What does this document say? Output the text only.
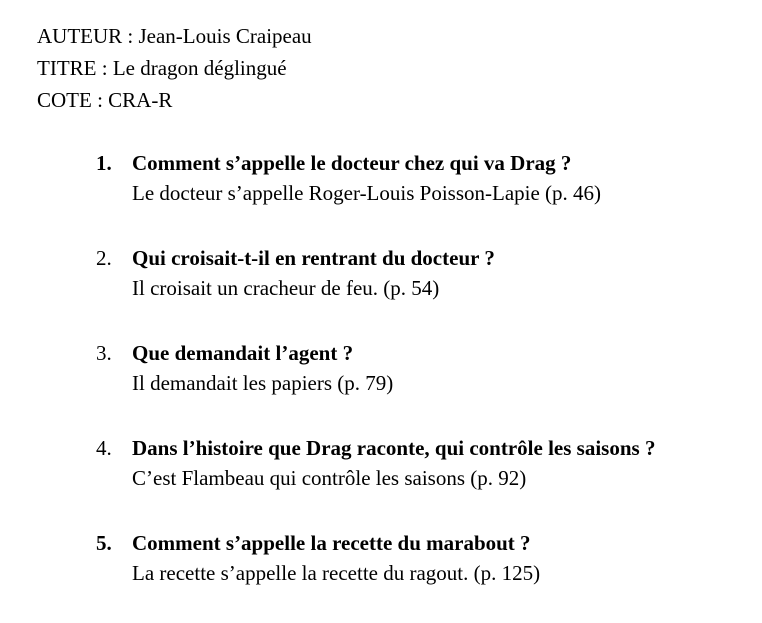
AUTEUR : Jean-Louis Craipeau
TITRE : Le dragon déglingué
COTE : CRA-R
1. Comment s’appelle le docteur chez qui va Drag ?
Le docteur s’appelle Roger-Louis Poisson-Lapie (p. 46)
2. Qui croisait-t-il en rentrant du docteur ?
Il croisait un cracheur de feu. (p. 54)
3. Que demandait l’agent ?
Il demandait les papiers (p. 79)
4. Dans l’histoire que Drag raconte, qui contrôle les saisons ?
C’est Flambeau qui contrôle les saisons (p. 92)
5. Comment s’appelle la recette du marabout ?
La recette s’appelle la recette du ragout. (p. 125)
